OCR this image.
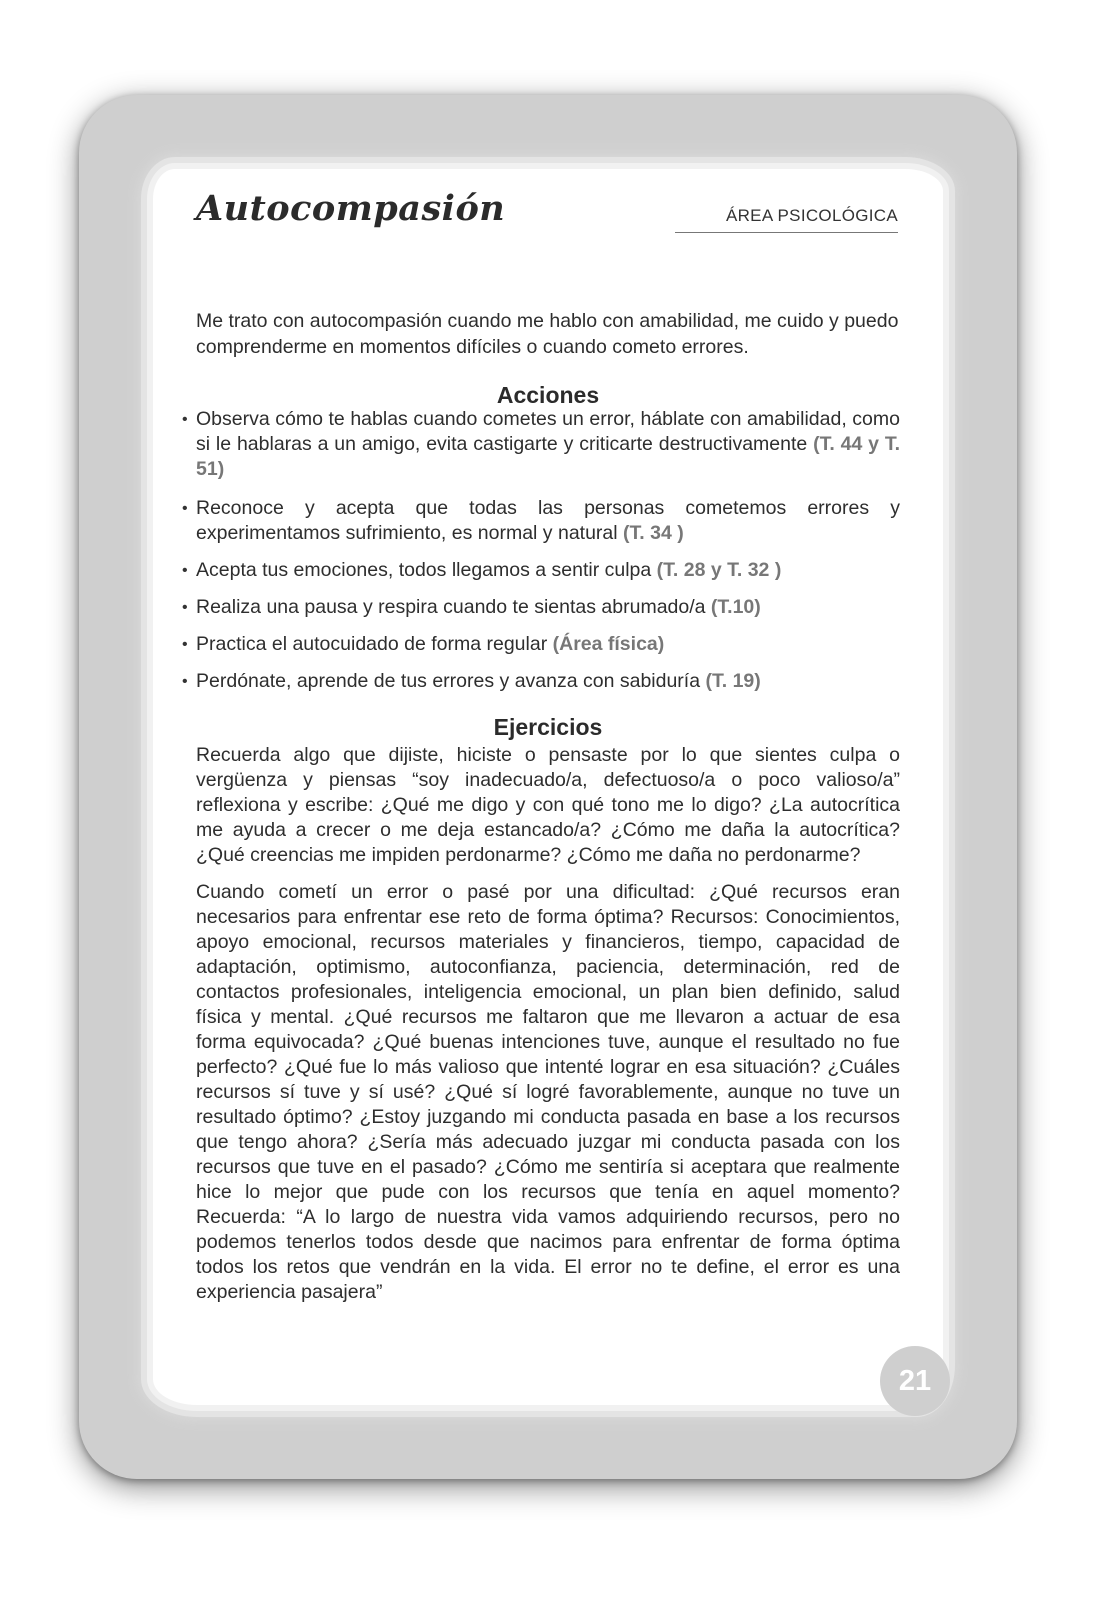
Autocompasión	ÁREA PSICOLÓGICA

Me trato con autocompasión cuando me hablo con amabilidad, me cuido y puedo comprenderme en momentos difíciles o cuando cometo errores.

Acciones
• Observa cómo te hablas cuando cometes un error, háblate con amabilidad, como si le hablaras a un amigo, evita castigarte y criticarte destructivamente (T. 44 y T. 51)
• Reconoce y acepta que todas las personas cometemos errores y experimentamos sufrimiento, es normal y natural (T. 34 )
• Acepta tus emociones, todos llegamos a sentir culpa (T. 28 y T. 32 )
• Realiza una pausa y respira cuando te sientas abrumado/a (T.10)
• Practica el autocuidado de forma regular (Área física)
• Perdónate, aprende de tus errores y avanza con sabiduría (T. 19)
Ejercicios

Recuerda algo que dijiste, hiciste o pensaste por lo que sientes culpa o vergüenza y piensas “soy inadecuado/a, defectuoso/a o poco valioso/a” reflexiona y escribe: ¿Qué me digo y con qué tono me lo digo? ¿La autocrítica me ayuda a crecer o me deja estancado/a? ¿Cómo me daña la autocrítica? ¿Qué creencias me impiden perdonarme? ¿Cómo me daña no perdonarme?

Cuando cometí un error o pasé por una dificultad: ¿Qué recursos eran necesarios para enfrentar ese reto de forma óptima? Recursos: Conocimientos, apoyo emocional, recursos materiales y financieros, tiempo, capacidad de adaptación, optimismo, autoconfianza, paciencia, determinación, red de contactos profesionales, inteligencia emocional, un plan bien definido, salud física y mental. ¿Qué recursos me faltaron que me llevaron a actuar de esa forma equivocada? ¿Qué buenas intenciones tuve, aunque el resultado no fue perfecto? ¿Qué fue lo más valioso que intenté lograr en esa situación? ¿Cuáles recursos sí tuve y sí usé? ¿Qué sí logré favorablemente, aunque no tuve un resultado óptimo? ¿Estoy juzgando mi conducta pasada en base a los recursos que tengo ahora? ¿Sería más adecuado juzgar mi conducta pasada con los recursos que tuve en el pasado? ¿Cómo me sentiría si aceptara que realmente hice lo mejor que pude con los recursos que tenía en aquel momento? Recuerda: “A lo largo de nuestra vida vamos adquiriendo recursos, pero no podemos tenerlos todos desde que nacimos para enfrentar de forma óptima todos los retos que vendrán en la vida. El error no te define, el error es una experiencia pasajera”

21
